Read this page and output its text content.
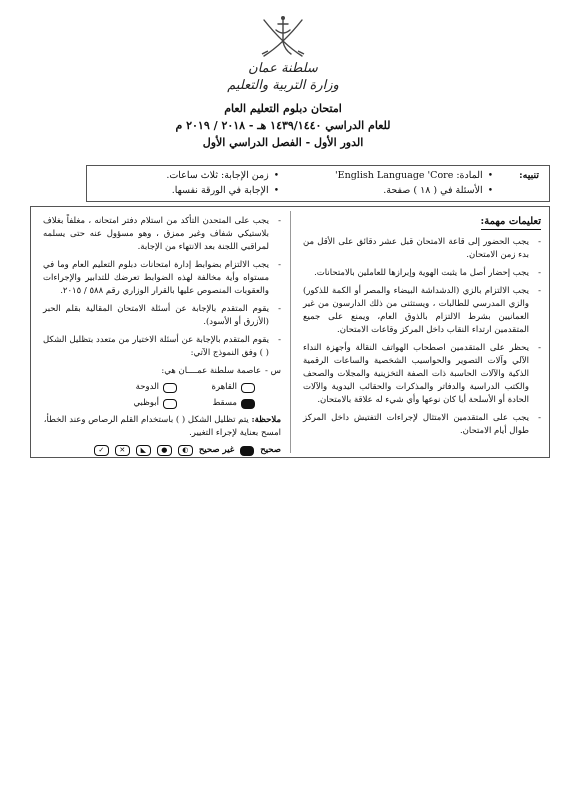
سلطنة عمان
وزارة التربية والتعليم
امتحان دبلوم التعليم العام
للعام الدراسي ١٤٣٩/١٤٤٠ هـ - ٢٠١٨ / ٢٠١٩ م
الدور الأول - الفصل الدراسي الأول
تنبيه:
•المادة: English Language 'Core'
•الأسئلة في ( ١٨ ) صفحة.
•زمن الإجابة: ثلاث ساعات.
•الإجابة في الورقة نفسها.
تعليمات مهمة:
- يجب الحضور إلى قاعة الامتحان قبل عشر دقائق على الأقل من بدء زمن الامتحان.
- يجب إحضار أصل ما يثبت الهوية وإبرازها للعاملين بالامتحانات.
- يجب الالتزام بالزي (الدشداشة البيضاء والمصر أو الكمة للذكور) والزي المدرسي للطالبات ، ويستثنى من ذلك الدارسون من غير العمانيين بشرط الالتزام بالذوق العام، ويمنع على جميع المتقدمين ارتداء النقاب داخل المركز وقاعات الامتحان.
- يحظر على المتقدمين اصطحاب الهواتف النقالة وأجهزة النداء الآلي وآلات التصوير والحواسيب الشخصية والساعات الرقمية الذكية والآلات الحاسبة ذات الصفة التخزينية والمجلات والصحف والكتب الدراسية والدفاتر والمذكرات والحقائب اليدوية والآلات الحادة أو الأسلحة أيا كان نوعها وأي شيء له علاقة بالامتحان.
- يجب على المتقدمين الامتثال لإجراءات التفتيش داخل المركز طوال أيام الامتحان.
- يجب على المتحدن التأكد من استلام دفتر امتحانه ، مغلفاً بغلاف بلاستيكي شفاف وغير ممزق ، وهو مسؤول عنه حتى يسلمه لمراقبي اللجنة بعد الانتهاء من الإجابة.
- يجب الالتزام بضوابط إدارة امتحانات دبلوم التعليم العام وما في مستواه وأية مخالفة لهذه الضوابط تعرضك للتدابير والإجراءات والعقوبات المنصوص عليها بالقرار الوزاري رقم ٥٨٨ / ٢٠١٥.
- يقوم المتقدم بالإجابة عن أسئلة الامتحان المقالية بقلم الحبر (الأزرق أو الأسود).
- يقوم المتقدم بالإجابة عن أسئلة الاختيار من متعدد بتظليل الشكل ( ) وفق النموذج الآتي:
س -
عاصمة سلطنة عمــــان هي:
القاهرة
الدوحة
مسقط
أبوظبي
ملاحظة: يتم تظليل الشكل ( ) باستخدام القلم الرصاص وعند الخطأ، امسح بعناية لإجراء التغيير.
صحيح
غير صحيح
◐
●
◣
✕
✓
